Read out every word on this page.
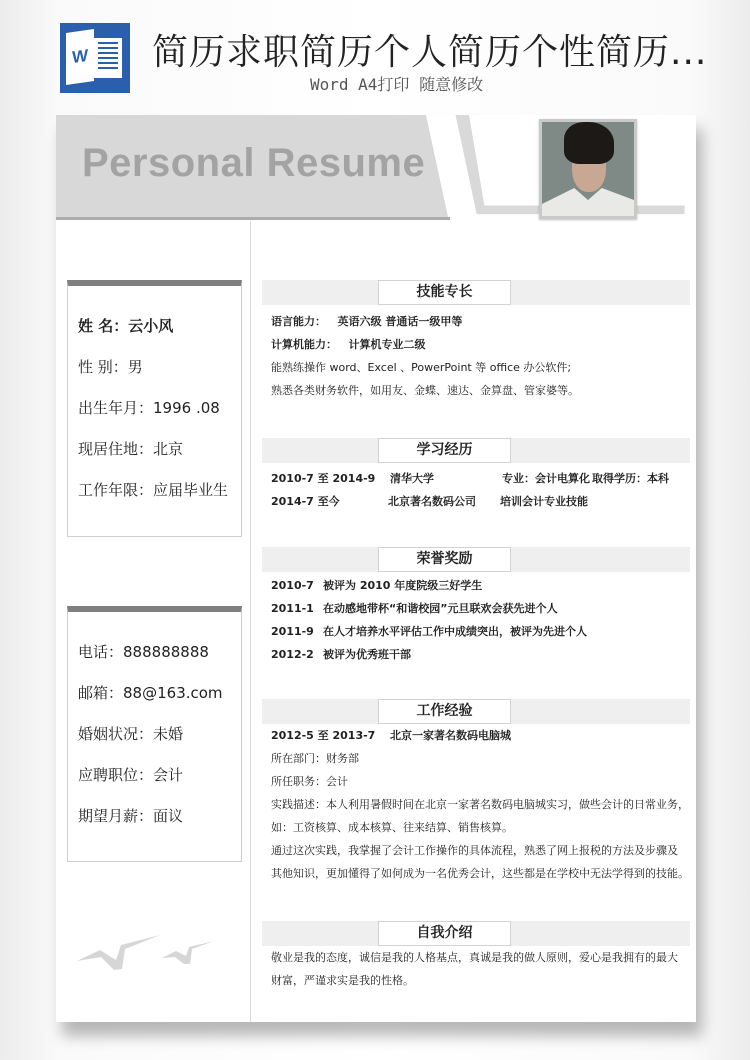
W 简历求职简历个人简历个性简历...
Word A4打印 随意修改
Personal Resume
姓 名：云小风
性 别：男
出生年月：1996 .08
现居住地：北京
工作年限：应届毕业生
电话：888888888
邮箱：88@163.com
婚姻状况：未婚
应聘职位：会计
期望月薪：面议
技能专长
语言能力： 英语六级 普通话一级甲等
计算机能力： 计算机专业二级
能熟练操作 word、Excel 、PowerPoint 等 office 办公软件;
熟悉各类财务软件，如用友、金蝶、速达、金算盘、管家婆等。
学习经历
2010-7 至 2014-9 清华大学	专业：会计电算化 取得学历：本科
2014-7 至今	北京著名数码公司 培训会计专业技能
荣誉奖励
2010-7 被评为 2010 年度院级三好学生
2011-1 在动感地带杯“和谐校园”元旦联欢会获先进个人
2011-9 在人才培养水平评估工作中成绩突出，被评为先进个人
2012-2 被评为优秀班干部
工作经验
2012-5 至 2013-7 北京一家著名数码电脑城
所在部门：财务部
所任职务：会计
实践描述：本人利用暑假时间在北京一家著名数码电脑城实习，做些会计的日常业务，
如：工资核算、成本核算、往来结算、销售核算。
通过这次实践，我掌握了会计工作操作的具体流程，熟悉了网上报税的方法及步骤及
其他知识，更加懂得了如何成为一名优秀会计，这些都是在学校中无法学得到的技能。
自我介绍
敬业是我的态度，诚信是我的人格基点，真诚是我的做人原则，爱心是我拥有的最大
财富，严谨求实是我的性格。
